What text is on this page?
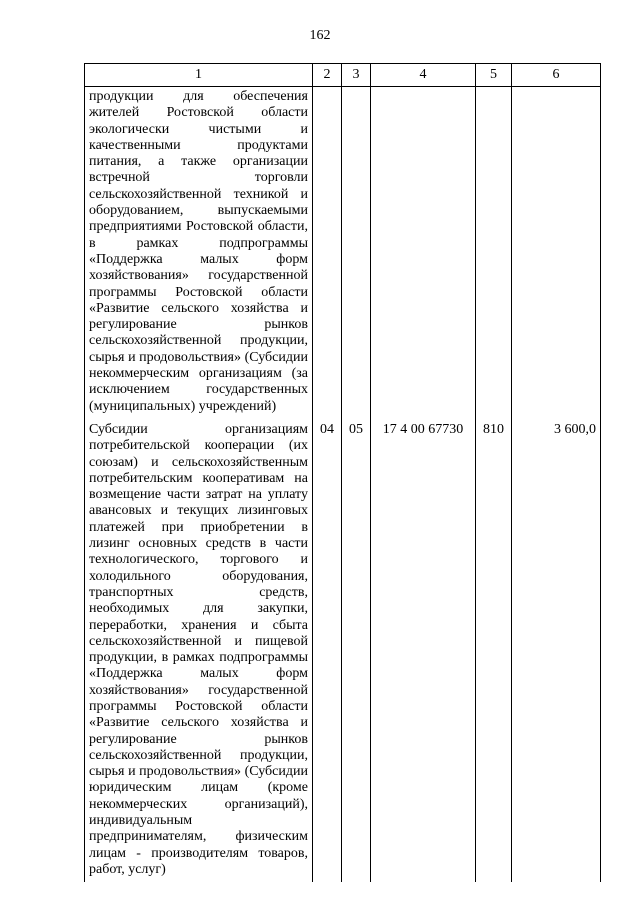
162
1	2	3	4	5	6

продукции для обеспечения жителей Ростовской области экологически чистыми и качественными продуктами питания, а также организации встречной торговли сельскохозяйственной техникой и оборудованием, выпускаемыми предприятиями Ростовской области, в рамках подпрограммы «Поддержка малых форм хозяйствования» государственной программы Ростовской области «Развитие сельского хозяйства и регулирование рынков сельскохозяйственной продукции, сырья и продовольствия» (Субсидии некоммерческим организациям (за исключением государственных (муниципальных) учреждений)					

Субсидии организациям потребительской кооперации (их союзам) и сельскохозяйственным потребительским кооперативам на возмещение части затрат на уплату авансовых и текущих лизинговых платежей при приобретении в лизинг основных средств в части технологического, торгового и холодильного оборудования, транспортных средств, необходимых для закупки, переработки, хранения и сбыта сельскохозяйственной и пищевой продукции, в рамках подпрограммы «Поддержка малых форм хозяйствования» государственной программы Ростовской области «Развитие сельского хозяйства и регулирование рынков сельскохозяйственной продукции, сырья и продовольствия» (Субсидии юридическим лицам (кроме некоммерческих организаций), индивидуальным предпринимателям, физическим лицам - производителям товаров, работ, услуг)	04	05	17 4 00 67730	810	3 600,0
